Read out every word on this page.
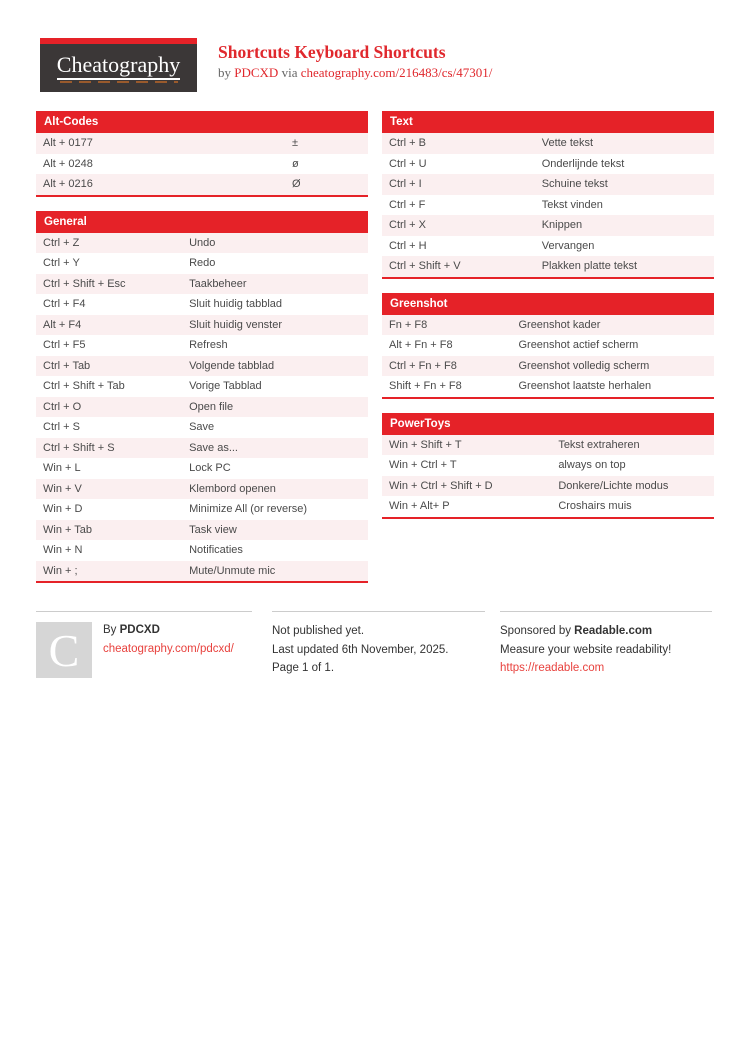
Cheatography Shortcuts Keyboard Shortcuts

by PDCXD via cheatography.com/216483/cs/47301/

Alt-Codes
Alt + 0177	±
Alt + 0248	ø
Alt + 0216	Ø
General
Ctrl + Z	Undo
Ctrl + Y	Redo
Ctrl + Shift + Esc	Taakbeheer
Ctrl + F4	Sluit huidig tabblad
Alt + F4	Sluit huidig venster
Ctrl + F5	Refresh
Ctrl + Tab	Volgende tabblad
Ctrl + Shift + Tab	Vorige Tabblad
Ctrl + O	Open file
Ctrl + S	Save
Ctrl + Shift + S	Save as...
Win + L	Lock PC
Win + V	Klembord openen
Win + D	Minimize All (or reverse)
Win + Tab	Task view
Win + N	Notificaties
Win + ;	Mute/Unmute mic
Text
Ctrl + B	Vette tekst
Ctrl + U	Onderlijnde tekst
Ctrl + I	Schuine tekst
Ctrl + F	Tekst vinden
Ctrl + X	Knippen
Ctrl + H	Vervangen
Ctrl + Shift + V	Plakken platte tekst
Greenshot
Fn + F8	Greenshot kader
Alt + Fn + F8	Greenshot actief scherm
Ctrl + Fn + F8	Greenshot volledig scherm
Shift + Fn + F8	Greenshot laatste herhalen
PowerToys
Win + Shift + T	Tekst extraheren
Win + Ctrl + T	always on top
Win + Ctrl + Shift + D	Donkere/Lichte modus
Win + Alt+ P	Croshairs muis
C By PDCXD
cheatography.com/pdcxd/
Not published yet.
Last updated 6th November, 2025.
Page 1 of 1.
Sponsored by Readable.com
Measure your website readability!
https://readable.com
